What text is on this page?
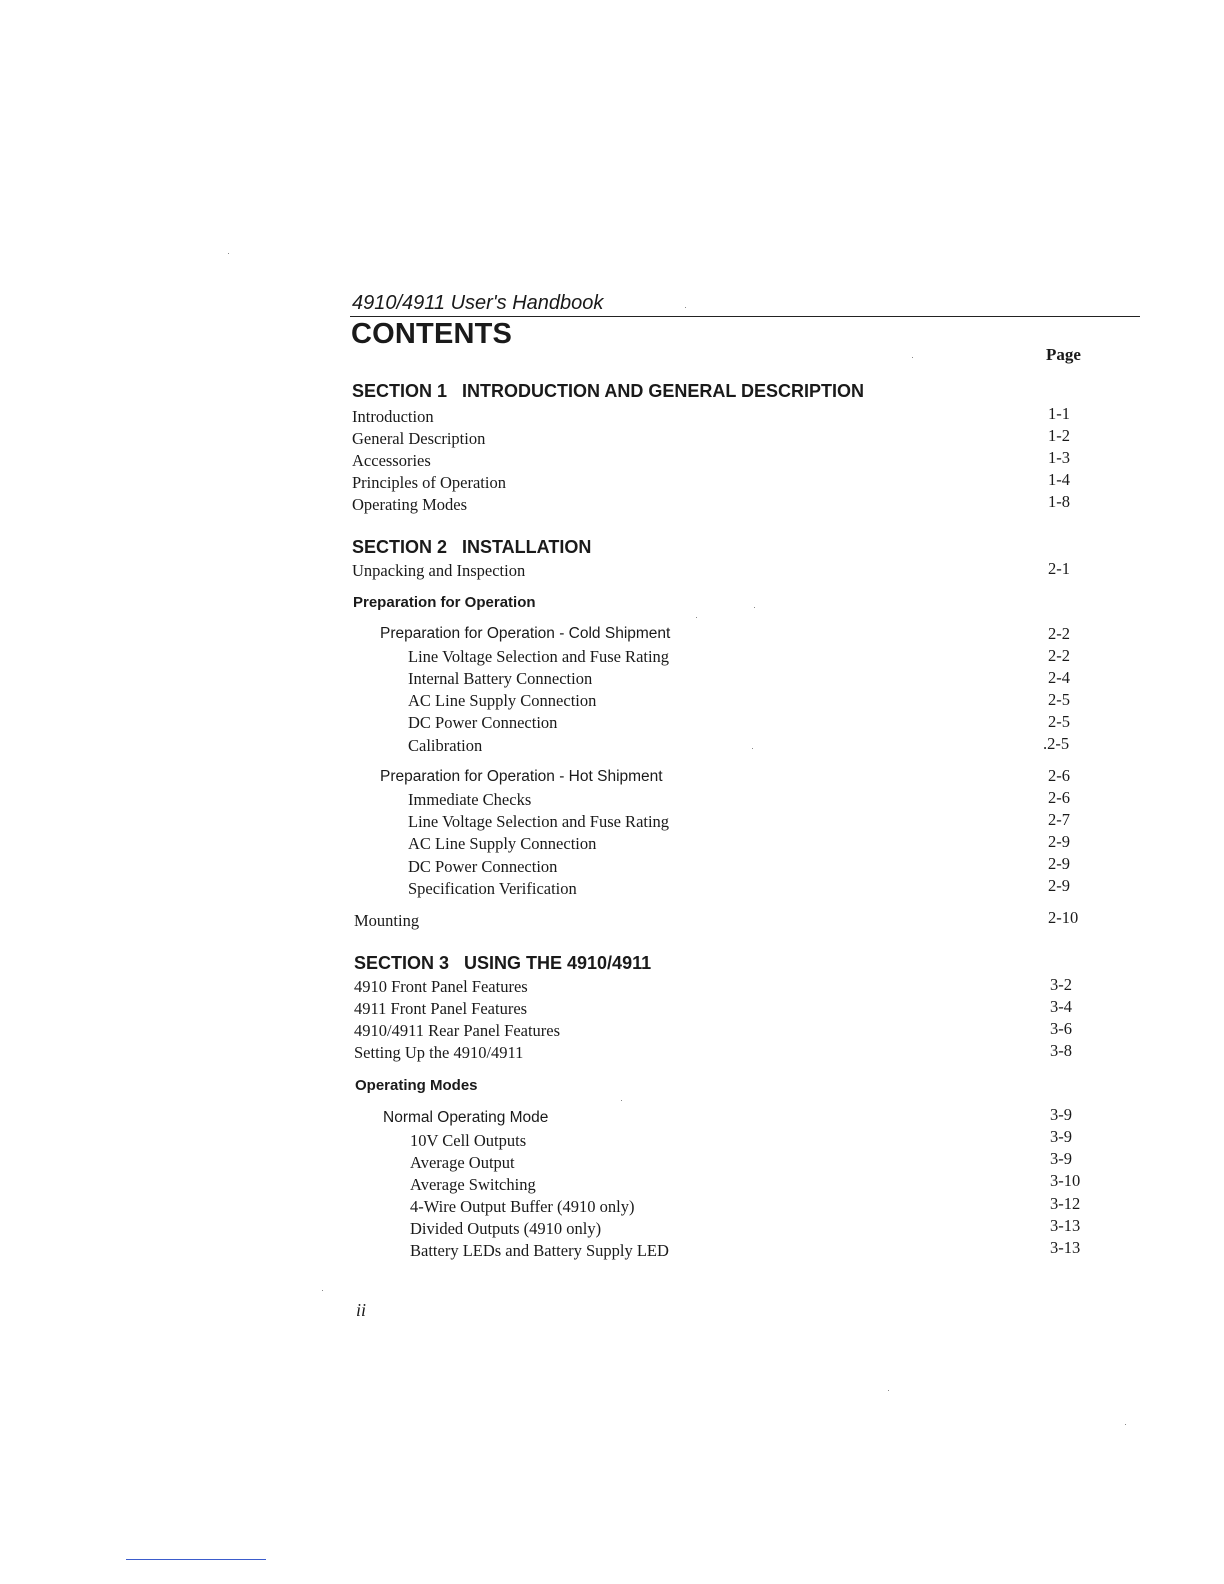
4910/4911 User's Handbook
CONTENTS
Page
SECTION 1 INTRODUCTION AND GENERAL DESCRIPTION
Introduction	1-1
General Description	1-2
Accessories	1-3
Principles of Operation	1-4
Operating Modes	1-8
SECTION 2 INSTALLATION
Unpacking and Inspection	2-1
Preparation for Operation
Preparation for Operation - Cold Shipment	2-2
Line Voltage Selection and Fuse Rating	2-2
Internal Battery Connection	2-4
AC Line Supply Connection	2-5
DC Power Connection	2-5
Calibration	.2-5
Preparation for Operation - Hot Shipment	2-6
Immediate Checks	2-6
Line Voltage Selection and Fuse Rating	2-7
AC Line Supply Connection	2-9
DC Power Connection	2-9
Specification Verification	2-9
Mounting	2-10
SECTION 3 USING THE 4910/4911
4910 Front Panel Features	3-2
4911 Front Panel Features	3-4
4910/4911 Rear Panel Features	3-6
Setting Up the 4910/4911	3-8
Operating Modes
Normal Operating Mode	3-9
10V Cell Outputs	3-9
Average Output	3-9
Average Switching	3-10
4-Wire Output Buffer (4910 only)	3-12
Divided Outputs (4910 only)	3-13
Battery LEDs and Battery Supply LED	3-13
ii
